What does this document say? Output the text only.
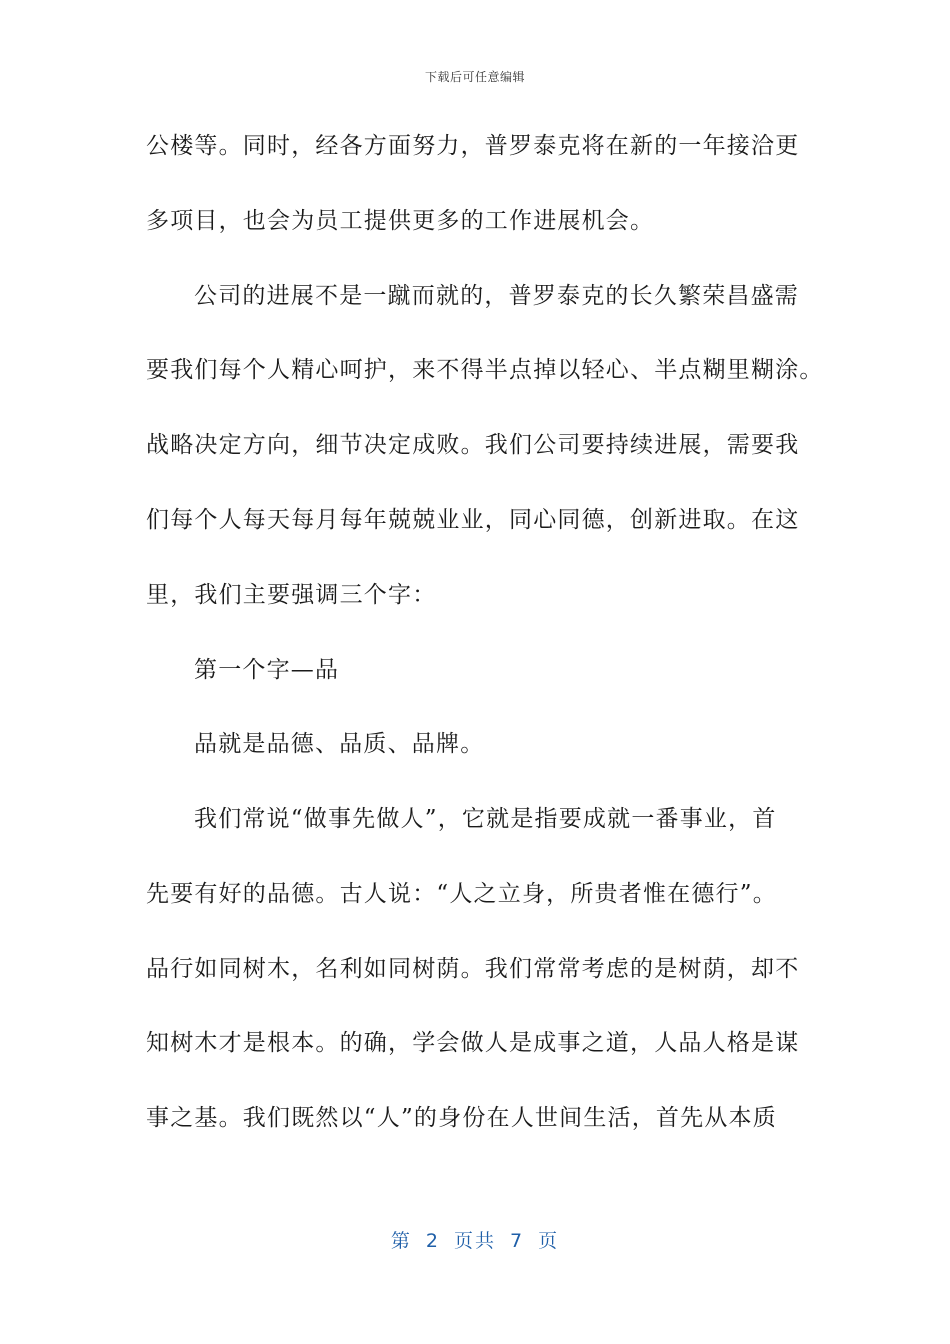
下载后可任意编辑
公楼等。同时，经各方面努力，普罗泰克将在新的一年接洽更
多项目，也会为员工提供更多的工作进展机会。
公司的进展不是一蹴而就的，普罗泰克的长久繁荣昌盛需
要我们每个人精心呵护，来不得半点掉以轻心、半点糊里糊涂。
战略决定方向，细节决定成败。我们公司要持续进展，需要我
们每个人每天每月每年兢兢业业，同心同德，创新进取。在这
里，我们主要强调三个字：
第一个字—品
品就是品德、品质、品牌。
我们常说“做事先做人”，它就是指要成就一番事业，首
先要有好的品德。古人说：“人之立身，所贵者惟在德行”。
品行如同树木，名利如同树荫。我们常常考虑的是树荫，却不
知树木才是根本。的确，学会做人是成事之道，人品人格是谋
事之基。我们既然以“人”的身份在人世间生活，首先从本质
第 2 页共 7 页
